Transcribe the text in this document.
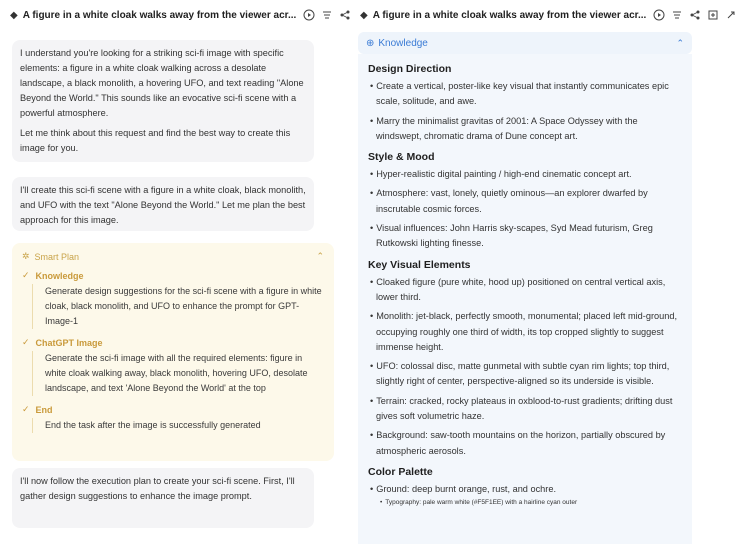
◆ A figure in a white cloak walks away from the viewer acr...

I understand you're looking for a striking sci-fi image with specific elements: a figure in a white cloak walking across a desolate landscape, a black monolith, a hovering UFO, and text reading "Alone Beyond the World." This sounds like an evocative sci-fi scene with a powerful atmosphere.

Let me think about this request and find the best way to create this image for you.

I'll create this sci-fi scene with a figure in a white cloak, black monolith, and UFO with the text "Alone Beyond the World." Let me plan the best approach for this image.

✲ Smart Plan	⌃
✓ Knowledge
Generate design suggestions for the sci-fi scene with a figure in white cloak, black monolith, and UFO to enhance the prompt for GPT-Image-1
✓ ChatGPT Image
Generate the sci-fi image with all the required elements: figure in white cloak walking away, black monolith, hovering UFO, desolate landscape, and text 'Alone Beyond the World' at the top
✓ End
End the task after the image is successfully generated

I'll now follow the execution plan to create your sci-fi scene. First, I'll gather design suggestions to enhance the image prompt.

◆ A figure in a white cloak walks away from the viewer acr...
⊕ Knowledge	⌃
Design Direction
• Create a vertical, poster-like key visual that instantly communicates epic scale, solitude, and awe.
• Marry the minimalist gravitas of 2001: A Space Odyssey with the windswept, chromatic drama of Dune concept art.
Style & Mood
• Hyper-realistic digital painting / high-end cinematic concept art.
• Atmosphere: vast, lonely, quietly ominous—an explorer dwarfed by inscrutable cosmic forces.
• Visual influences: John Harris sky-scapes, Syd Mead futurism, Greg Rutkowski lighting finesse.
Key Visual Elements
• Cloaked figure (pure white, hood up) positioned on central vertical axis, lower third.
• Monolith: jet-black, perfectly smooth, monumental; placed left mid-ground, occupying roughly one third of width, its top cropped slightly to suggest immense height.
• UFO: colossal disc, matte gunmetal with subtle cyan rim lights; top third, slightly right of center, perspective-aligned so its underside is visible.
• Terrain: cracked, rocky plateaus in oxblood-to-rust gradients; drifting dust gives soft volumetric haze.
• Background: saw-tooth mountains on the horizon, partially obscured by atmospheric aerosols.
Color Palette
• Ground: deep burnt orange, rust, and ochre.
• Typography: pale warm white (#F5F1EE) with a hairline cyan outer
